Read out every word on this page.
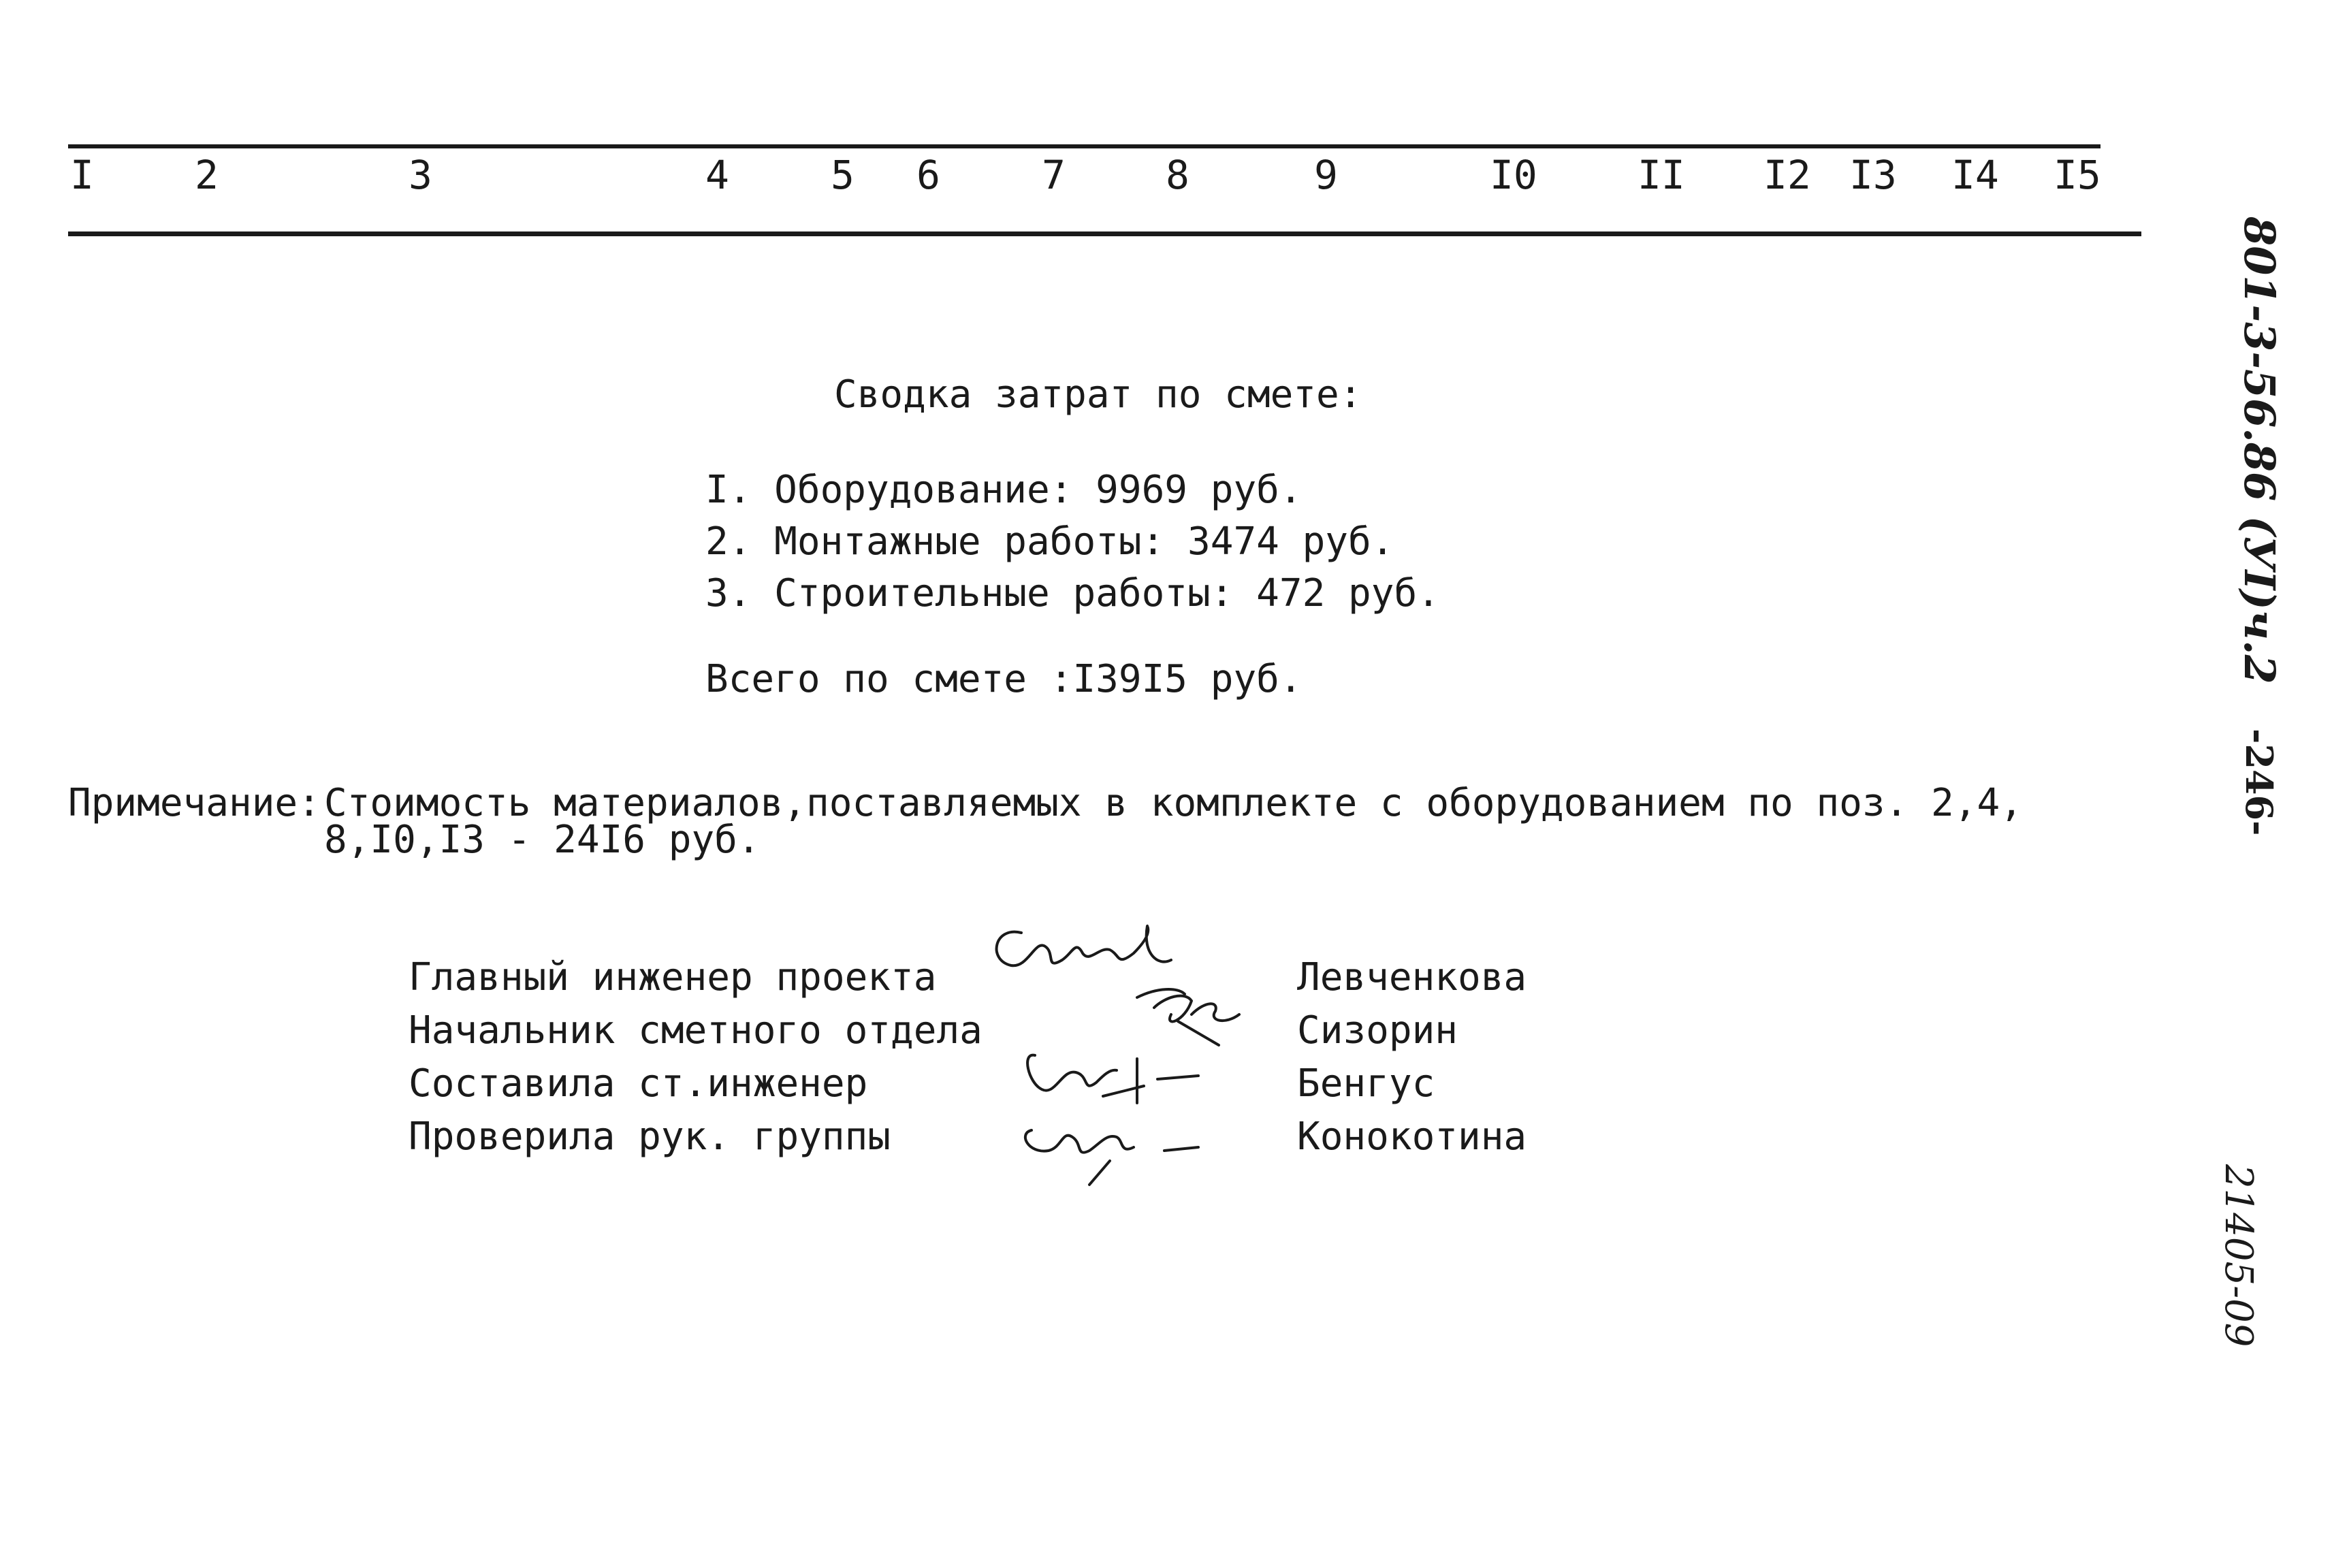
I	2	3	4	5 6	7	8	9	I0	II I2 I3 I4 I5
Сводка затрат по смете:
I. Оборудование: 9969 руб.
2. Монтажные работы: 3474 руб.
3. Строительные работы: 472 руб.
Всего по смете :I39I5 руб.
Примечание: Стоимость материалов,поставляемых в комплекте с оборудованием по поз. 2,4,
8,I0,I3 - 24I6 руб.
Главный инженер проекта	Левченкова
Начальник сметного отдела	Сизорин
Составила ст.инженер	Бенгус
Проверила рук. группы	Конокотина
801-3-56.86 (УI)ч.2
-246-
21405-09
